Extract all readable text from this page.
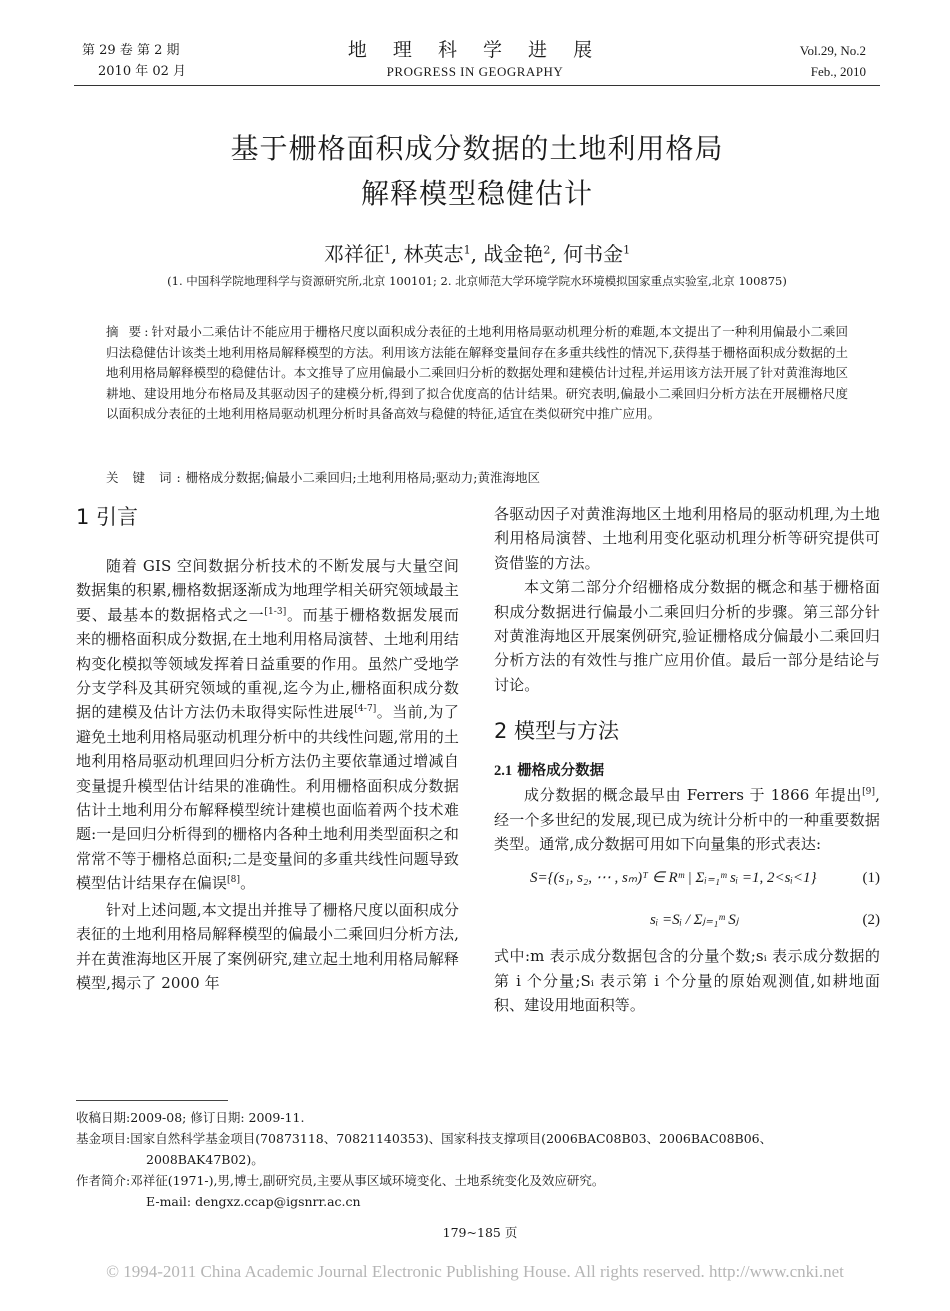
第 29 卷 第 2 期
2010 年 02 月
地 理 科 学 进 展
PROGRESS IN GEOGRAPHY
Vol.29, No.2
Feb., 2010
基于栅格面积成分数据的土地利用格局
解释模型稳健估计
邓祥征$^1$, 林英志$^1$, 战金艳$^2$, 何书金$^1$
(1. 中国科学院地理科学与资源研究所,北京 100101; 2. 北京师范大学环境学院水环境模拟国家重点实验室,北京 100875)
摘 要:针对最小二乘估计不能应用于栅格尺度以面积成分表征的土地利用格局驱动机理分析的难题,本文提出了一种利用偏最小二乘回归法稳健估计该类土地利用格局解释模型的方法。利用该方法能在解释变量间存在多重共线性的情况下,获得基于栅格面积成分数据的土地利用格局解释模型的稳健估计。本文推导了应用偏最小二乘回归分析的数据处理和建模估计过程,并运用该方法开展了针对黄淮海地区耕地、建设用地分布格局及其驱动因子的建模分析,得到了拟合优度高的估计结果。研究表明,偏最小二乘回归分析方法在开展栅格尺度以面积成分表征的土地利用格局驱动机理分析时具备高效与稳健的特征,适宜在类似研究中推广应用。
关 键 词:栅格成分数据;偏最小二乘回归;土地利用格局;驱动力;黄淮海地区
1 引言

随着 GIS 空间数据分析技术的不断发展与大量空间数据集的积累,栅格数据逐渐成为地理学相关研究领域最主要、最基本的数据格式之一[1-3]。而基于栅格数据发展而来的栅格面积成分数据,在土地利用格局演替、土地利用结构变化模拟等领域发挥着日益重要的作用。虽然广受地学分支学科及其研究领域的重视,迄今为止,栅格面积成分数据的建模及估计方法仍未取得实际性进展[4-7]。当前,为了避免土地利用格局驱动机理分析中的共线性问题,常用的土地利用格局驱动机理回归分析方法仍主要依靠通过增减自变量提升模型估计结果的准确性。利用栅格面积成分数据估计土地利用分布解释模型统计建模也面临着两个技术难题:一是回归分析得到的栅格内各种土地利用类型面积之和常常不等于栅格总面积;二是变量间的多重共线性问题导致模型估计结果存在偏误[8]。

针对上述问题,本文提出并推导了栅格尺度以面积成分表征的土地利用格局解释模型的偏最小二乘回归分析方法,并在黄淮海地区开展了案例研究,建立起土地利用格局解释模型,揭示了 2000 年

各驱动因子对黄淮海地区土地利用格局的驱动机理,为土地利用格局演替、土地利用变化驱动机理分析等研究提供可资借鉴的方法。

本文第二部分介绍栅格成分数据的概念和基于栅格面积成分数据进行偏最小二乘回归分析的步骤。第三部分针对黄淮海地区开展案例研究,验证栅格成分偏最小二乘回归分析方法的有效性与推广应用价值。最后一部分是结论与讨论。

2 模型与方法
2.1 栅格成分数据

成分数据的概念最早由 Ferrers 于 1866 年提出[9],经一个多世纪的发展,现已成为统计分析中的一种重要数据类型。通常,成分数据可用如下向量集的形式表达:

S={(s₁, s₂, ⋯ , sₘ)ᵀ ∈ Rᵐ | Σᵢ₌₁ᵐ sᵢ =1, 2<sᵢ<1}	(1)
sᵢ =Sᵢ / Σⱼ₌₁ᵐ Sⱼ	(2)

式中:m 表示成分数据包含的分量个数;sᵢ 表示成分数据的第 i 个分量;Sᵢ 表示第 i 个分量的原始观测值,如耕地面积、建设用地面积等。

收稿日期:2009-08; 修订日期: 2009-11.
基金项目:国家自然科学基金项目(70873118、70821140353)、国家科技支撑项目(2006BAC08B03、2006BAC08B06、
2008BAK47B02)。
作者简介:邓祥征(1971-),男,博士,副研究员,主要从事区域环境变化、土地系统变化及效应研究。
E-mail: dengxz.ccap@igsnrr.ac.cn
179~185 页
© 1994-2011 China Academic Journal Electronic Publishing House. All rights reserved. http://www.cnki.net
